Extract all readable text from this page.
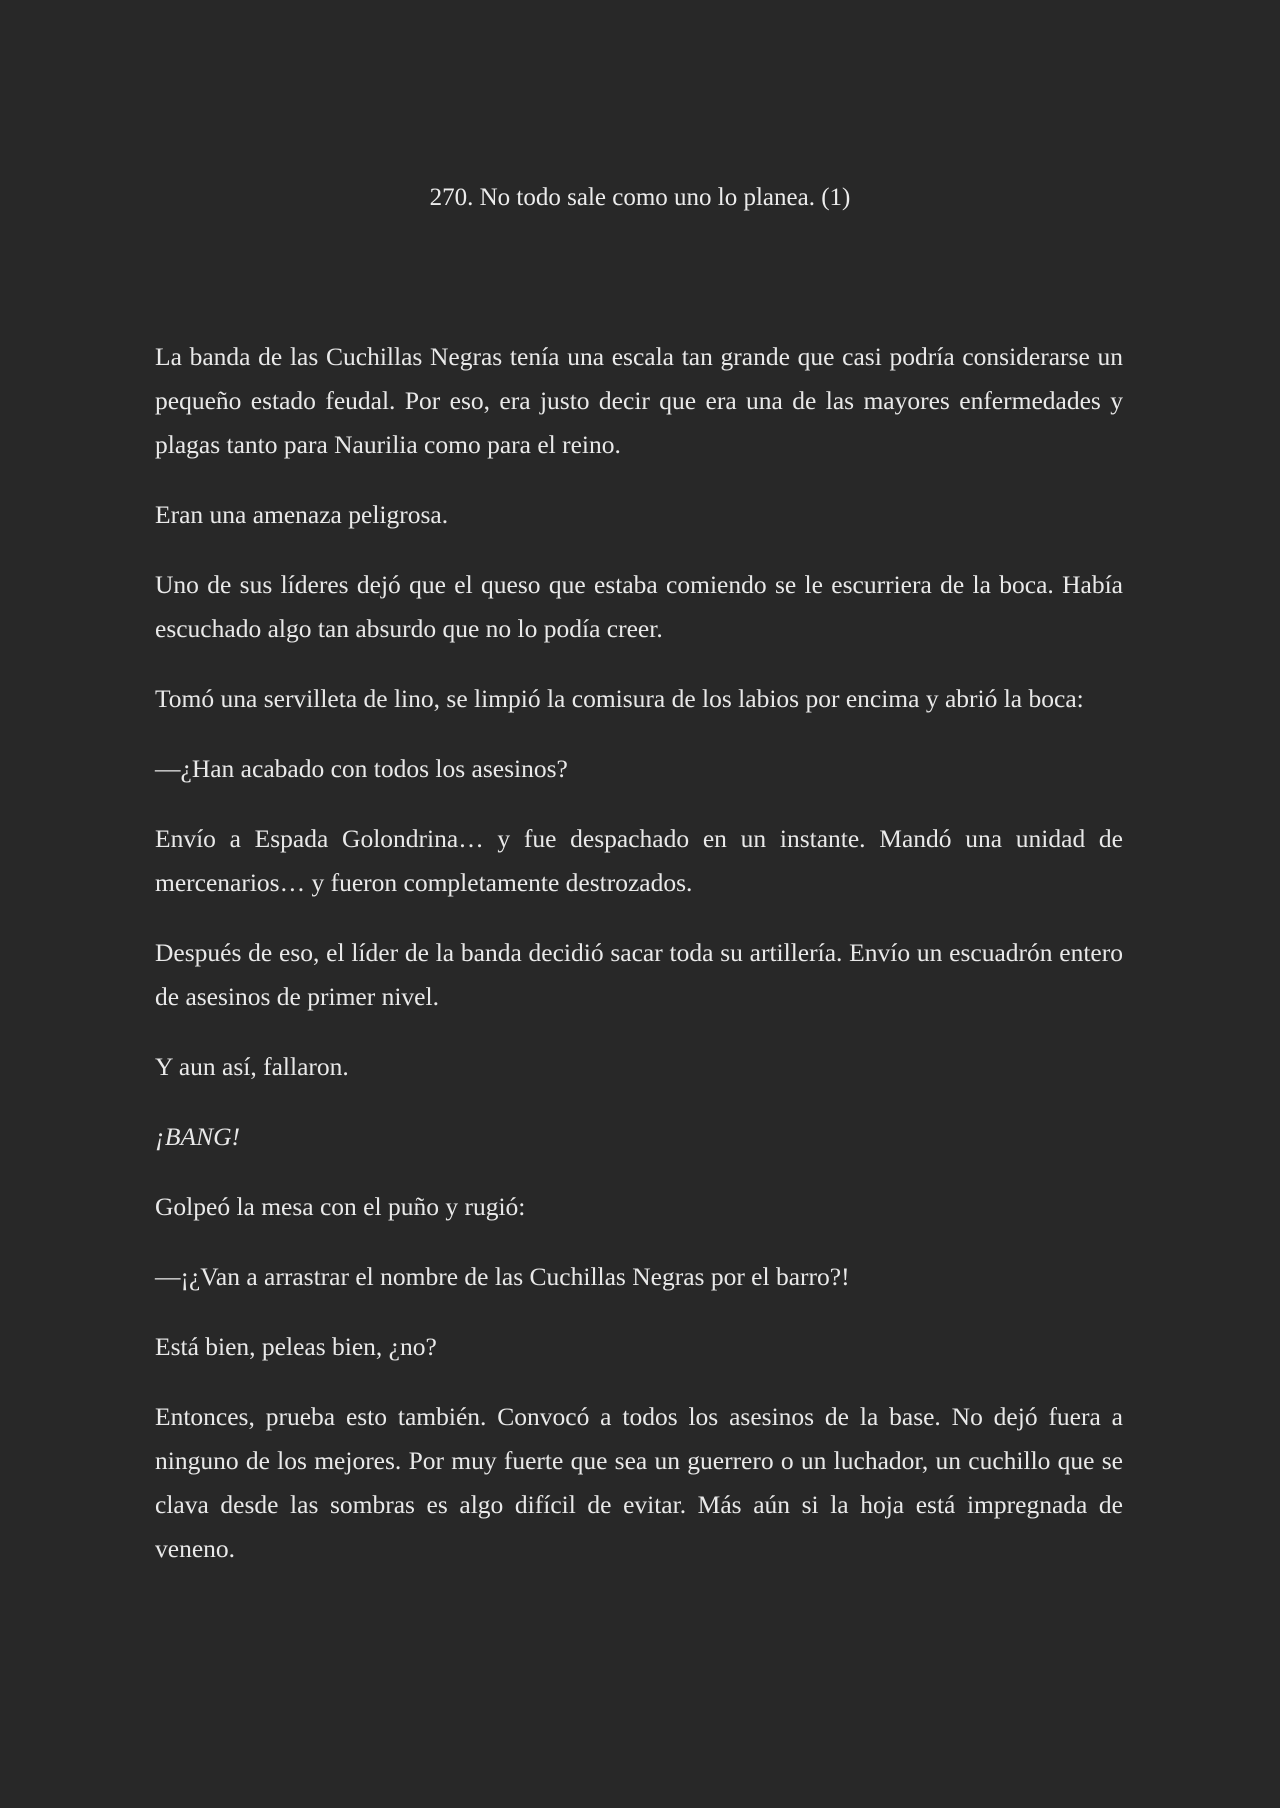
270. No todo sale como uno lo planea. (1)

La banda de las Cuchillas Negras tenía una escala tan grande que casi podría considerarse un pequeño estado feudal. Por eso, era justo decir que era una de las mayores enfermedades y plagas tanto para Naurilia como para el reino.

Eran una amenaza peligrosa.

Uno de sus líderes dejó que el queso que estaba comiendo se le escurriera de la boca. Había escuchado algo tan absurdo que no lo podía creer.

Tomó una servilleta de lino, se limpió la comisura de los labios por encima y abrió la boca:

—¿Han acabado con todos los asesinos?

Envío a Espada Golondrina… y fue despachado en un instante. Mandó una unidad de mercenarios… y fueron completamente destrozados.

Después de eso, el líder de la banda decidió sacar toda su artillería. Envío un escuadrón entero de asesinos de primer nivel.

Y aun así, fallaron.

¡BANG!

Golpeó la mesa con el puño y rugió:

—¡¿Van a arrastrar el nombre de las Cuchillas Negras por el barro?!

Está bien, peleas bien, ¿no?

Entonces, prueba esto también. Convocó a todos los asesinos de la base. No dejó fuera a ninguno de los mejores. Por muy fuerte que sea un guerrero o un luchador, un cuchillo que se clava desde las sombras es algo difícil de evitar. Más aún si la hoja está impregnada de veneno.
